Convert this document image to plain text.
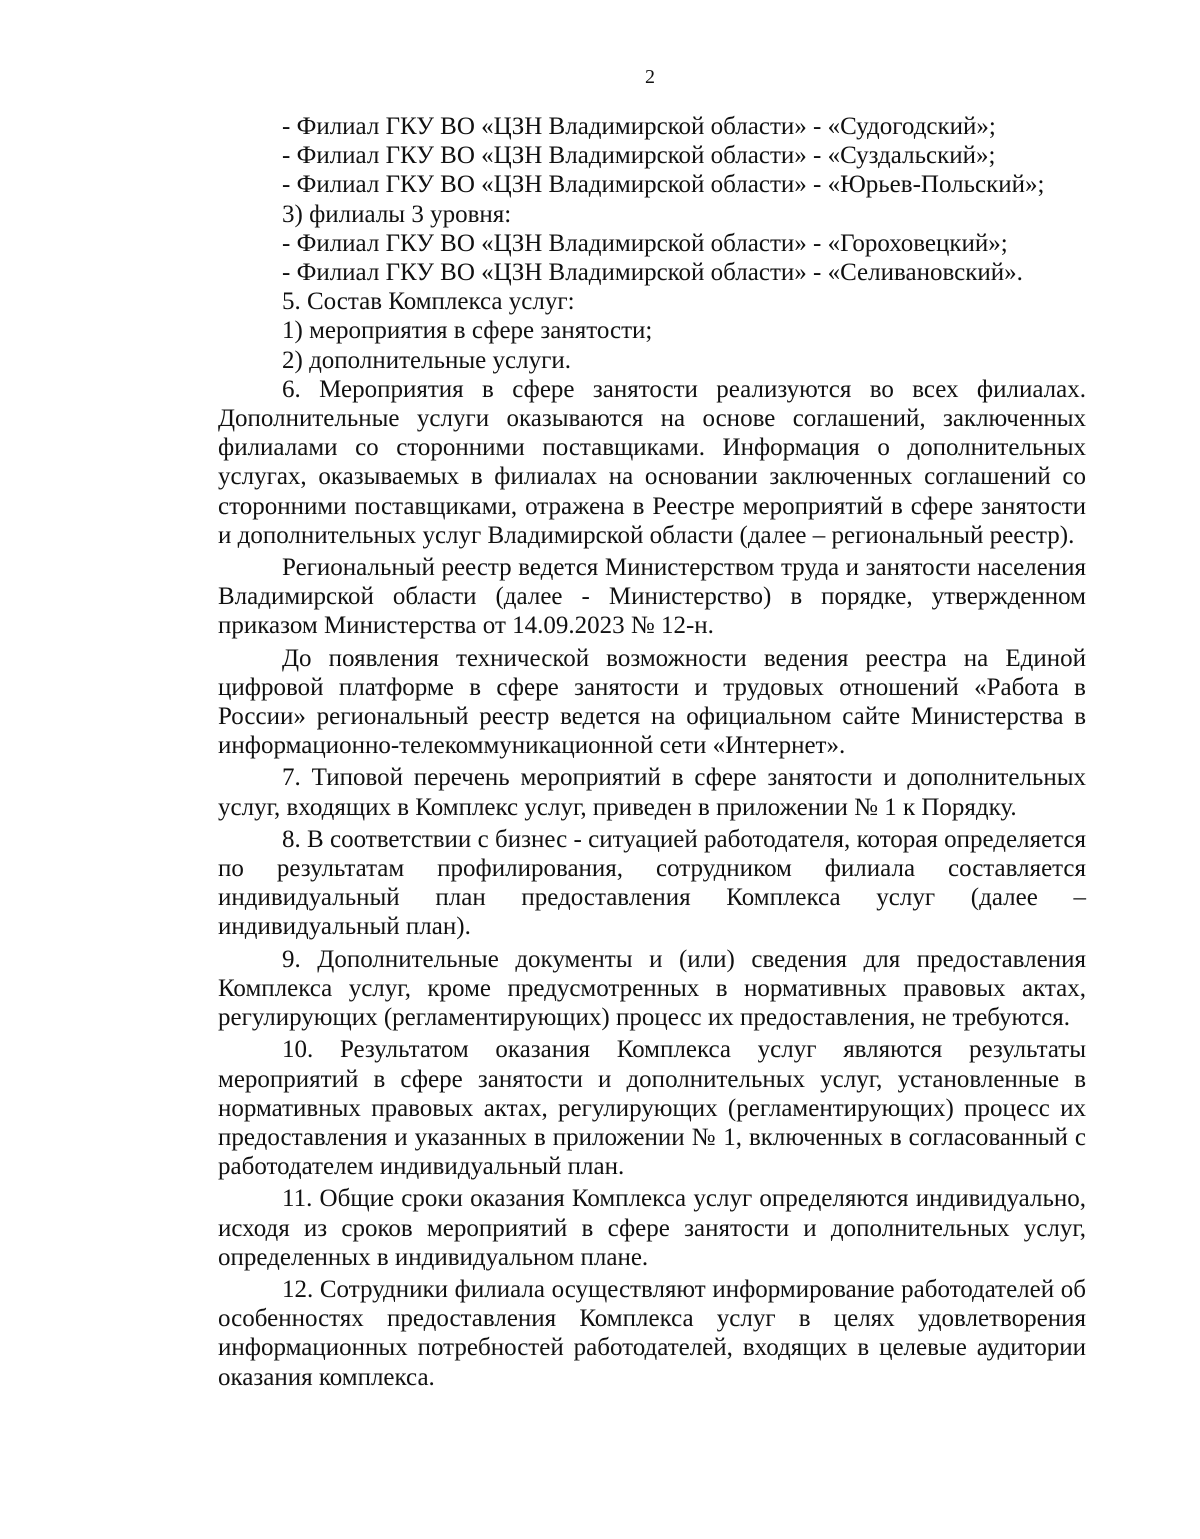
2
- Филиал ГКУ ВО «ЦЗН Владимирской области» - «Судогодский»;
- Филиал ГКУ ВО «ЦЗН Владимирской области» - «Суздальский»;
- Филиал ГКУ ВО «ЦЗН Владимирской области» - «Юрьев-Польский»;
3) филиалы 3 уровня:
- Филиал ГКУ ВО «ЦЗН Владимирской области» - «Гороховецкий»;
- Филиал ГКУ ВО «ЦЗН Владимирской области» - «Селивановский».
5. Состав Комплекса услуг:
1) мероприятия в сфере занятости;
2) дополнительные услуги.

6. Мероприятия в сфере занятости реализуются во всех филиалах. Дополнительные услуги оказываются на основе соглашений, заключенных филиалами со сторонними поставщиками. Информация о дополнительных услугах, оказываемых в филиалах на основании заключенных соглашений со сторонними поставщиками, отражена в Реестре мероприятий в сфере занятости и дополнительных услуг Владимирской области (далее – региональный реестр).

Региональный реестр ведется Министерством труда и занятости населения Владимирской области (далее - Министерство) в порядке, утвержденном приказом Министерства от 14.09.2023 № 12-н.

До появления технической возможности ведения реестра на Единой цифровой платформе в сфере занятости и трудовых отношений «Работа в России» региональный реестр ведется на официальном сайте Министерства в информационно-телекоммуникационной сети «Интернет».

7. Типовой перечень мероприятий в сфере занятости и дополнительных услуг, входящих в Комплекс услуг, приведен в приложении № 1 к Порядку.

8. В соответствии с бизнес - ситуацией работодателя, которая определяется по результатам профилирования, сотрудником филиала составляется индивидуальный план предоставления Комплекса услуг (далее – индивидуальный план).

9. Дополнительные документы и (или) сведения для предоставления Комплекса услуг, кроме предусмотренных в нормативных правовых актах, регулирующих (регламентирующих) процесс их предоставления, не требуются.

10. Результатом оказания Комплекса услуг являются результаты мероприятий в сфере занятости и дополнительных услуг, установленные в нормативных правовых актах, регулирующих (регламентирующих) процесс их предоставления и указанных в приложении № 1, включенных в согласованный с работодателем индивидуальный план.

11. Общие сроки оказания Комплекса услуг определяются индивидуально, исходя из сроков мероприятий в сфере занятости и дополнительных услуг, определенных в индивидуальном плане.

12. Сотрудники филиала осуществляют информирование работодателей об особенностях предоставления Комплекса услуг в целях удовлетворения информационных потребностей работодателей, входящих в целевые аудитории оказания комплекса.
